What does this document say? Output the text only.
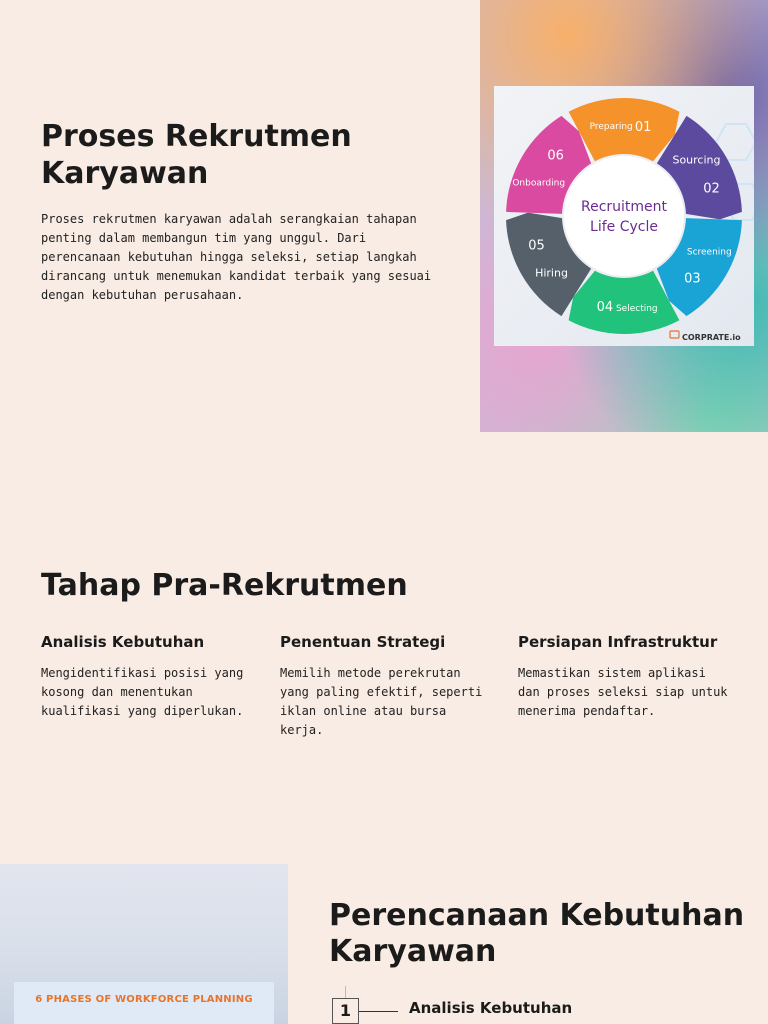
Proses Rekrutmen Karyawan

Proses rekrutmen karyawan adalah serangkaian tahapan penting dalam membangun tim yang unggul. Dari perencanaan kebutuhan hingga seleksi, setiap langkah dirancang untuk menemukan kandidat terbaik yang sesuai dengan kebutuhan perusahaan.

Recruitment
Life Cycle
Preparing 01
Sourcing
02
Screening
03
Selecting
04
Hiring
05
Onboarding
06
CORPRATE.io
Tahap Pra-Rekrutmen
Analisis Kebutuhan

Mengidentifikasi posisi yang kosong dan menentukan kualifikasi yang diperlukan.

Penentuan Strategi

Memilih metode perekrutan yang paling efektif, seperti iklan online atau bursa kerja.

Persiapan Infrastruktur

Memastikan sistem aplikasi dan proses seleksi siap untuk menerima pendaftar.

6 PHASES OF WORKFORCE PLANNING
Perencanaan Kebutuhan Karyawan
1	Analisis Kebutuhan
